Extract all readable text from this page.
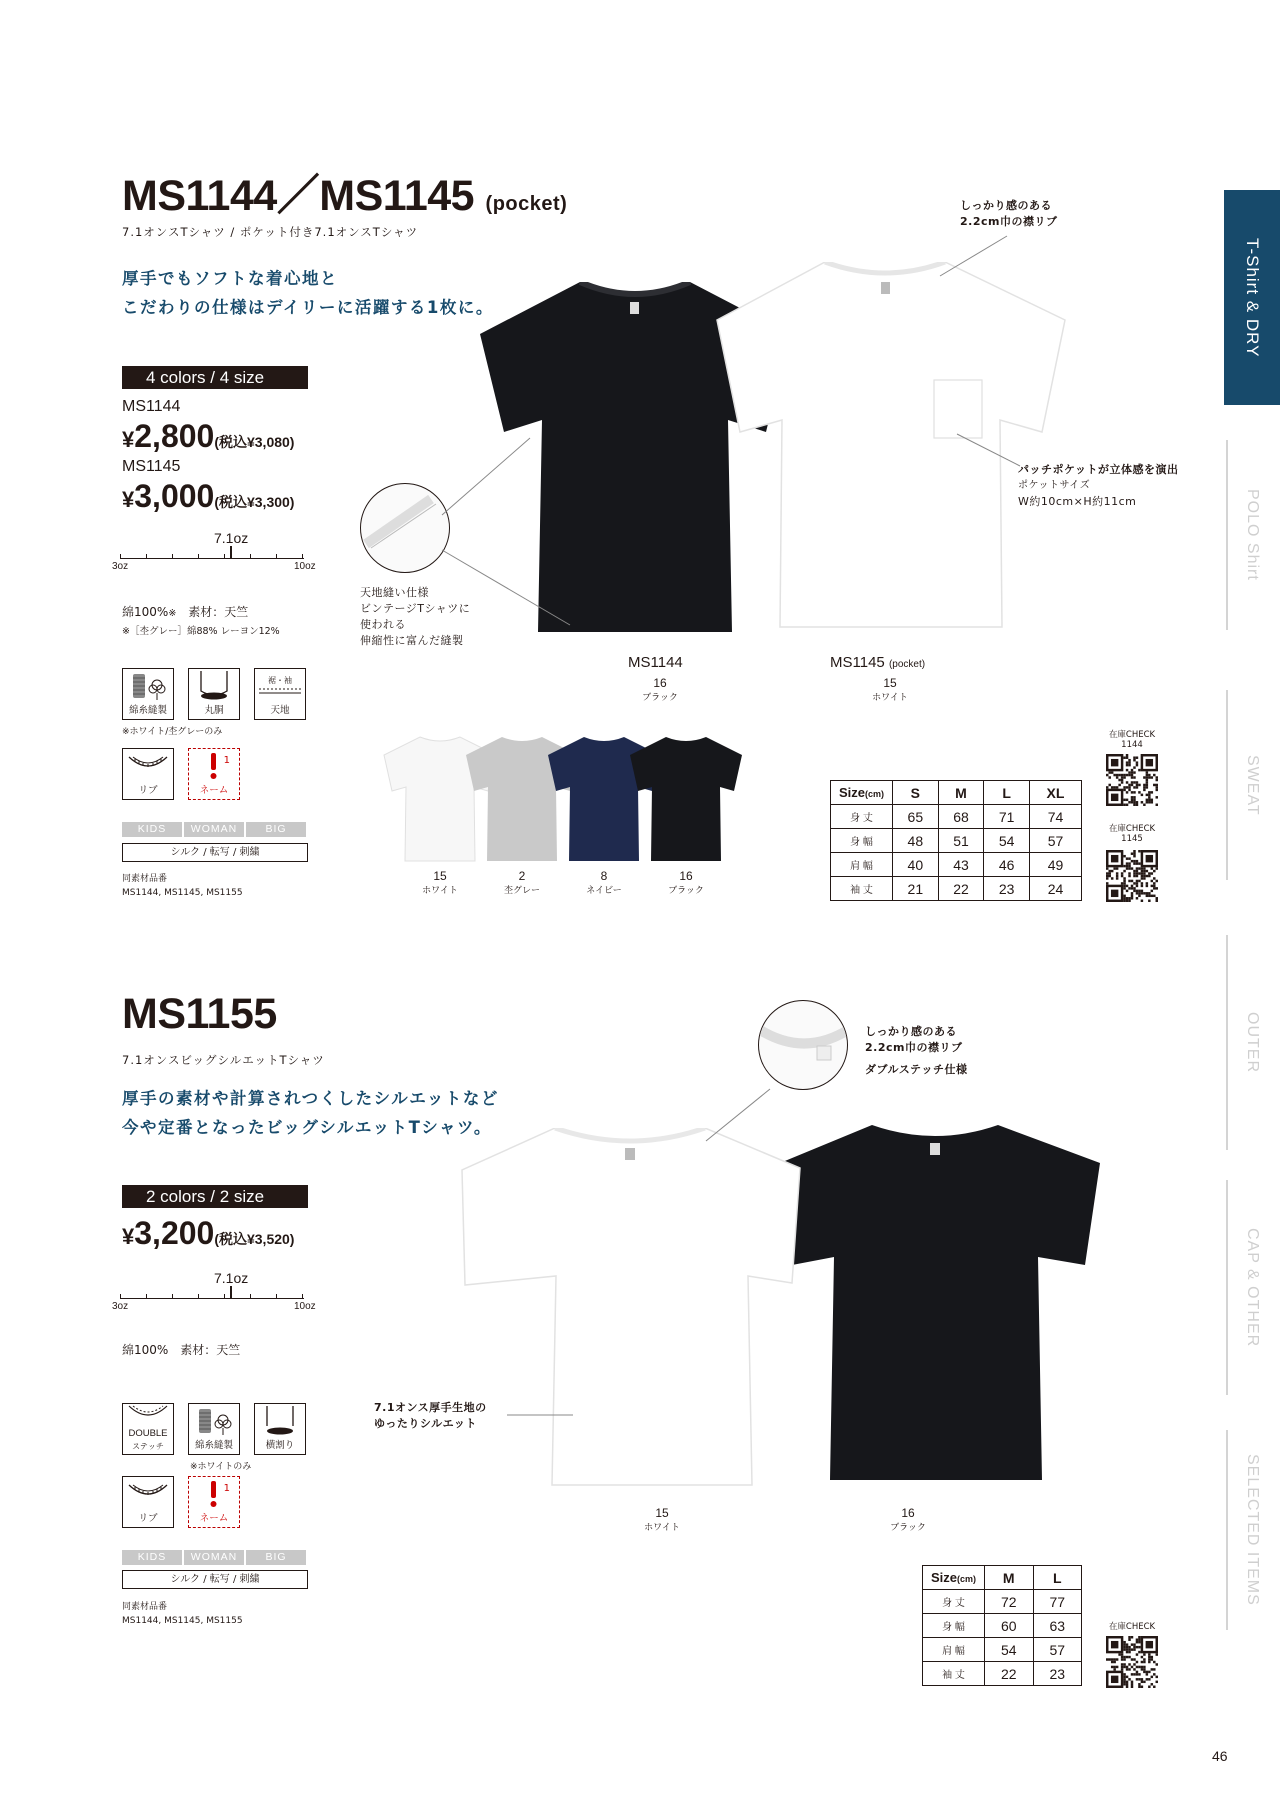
T-Shirt & DRY
POLO Shirt
SWEAT
OUTER
CAP & OTHER
SELECTED ITEMS
MS1144／MS1145 (pocket)
7.1オンスTシャツ / ポケット付き7.1オンスTシャツ
厚手でもソフトな着心地と
こだわりの仕様はデイリーに活躍する1枚に。
4 colors / 4 size
MS1144
¥2,800(税込¥3,080)
MS1145
¥3,000(税込¥3,300)
7.1oz
3oz	10oz
綿100%※　 素材：天竺
※［杢グレー］綿88% レーヨン12%
綿糸縫製	丸胴
裾・袖
天地
※ホワイト/杢グレーのみ
リブ
1
ネーム
KIDS	WOMAN	BIG
シルク / 転写 / 刺繍
同素材品番
MS1144, MS1145, MS1155
天地縫い仕様
ビンテージTシャツに
使われる
伸縮性に富んだ縫製
しっかり感のある
2.2cm巾の襟リブ
パッチポケットが立体感を演出
ポケットサイズ
W約10cm×H約11cm
MS1144
16
ブラック
MS1145 (pocket)
15
ホワイト
15
ホワイト
2
杢グレー
8
ネイビー
16
ブラック
Size(cm)	S	M	L	XL
身 丈	65	68	71	74
身 幅	48	51	54	57
肩 幅	40	43	46	49
袖 丈	21	22	23	24
在庫CHECK
1144
在庫CHECK
1145
MS1155
7.1オンスビッグシルエットTシャツ
厚手の素材や計算されつくしたシルエットなど
今や定番となったビッグシルエットTシャツ。
2 colors / 2 size
¥3,200(税込¥3,520)
7.1oz
3oz	10oz
綿100%　素材：天竺
DOUBLE
ステッチ	綿糸縫製	横割り
※ホワイトのみ
リブ
1
ネーム
KIDS	WOMAN	BIG
シルク / 転写 / 刺繍
同素材品番
MS1144, MS1145, MS1155
しっかり感のある
2.2cm巾の襟リブ
ダブルステッチ仕様
7.1オンス厚手生地の
ゆったりシルエット
15
ホワイト
16
ブラック
Size(cm)	M	L
身 丈	72	77
身 幅	60	63
肩 幅	54	57
袖 丈	22	23
在庫CHECK
46
